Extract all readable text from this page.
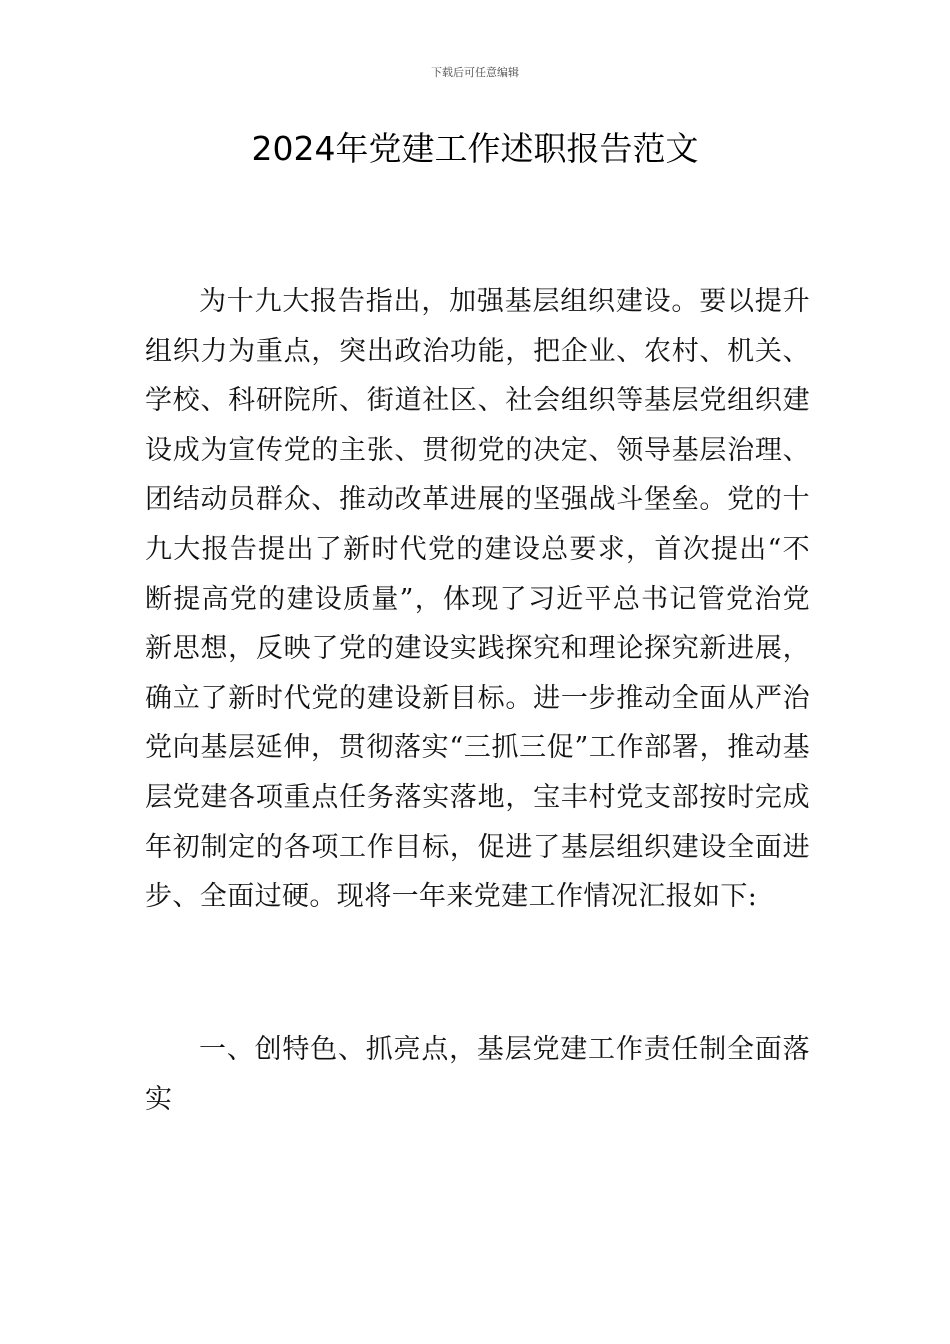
下载后可任意编辑
2024年党建工作述职报告范文

为十九大报告指出，加强基层组织建设。要以提升组织力为重点，突出政治功能，把企业、农村、机关、学校、科研院所、街道社区、社会组织等基层党组织建设成为宣传党的主张、贯彻党的决定、领导基层治理、团结动员群众、推动改革进展的坚强战斗堡垒。党的十九大报告提出了新时代党的建设总要求，首次提出“不断提高党的建设质量”，体现了习近平总书记管党治党新思想，反映了党的建设实践探究和理论探究新进展，确立了新时代党的建设新目标。进一步推动全面从严治党向基层延伸，贯彻落实“三抓三促”工作部署，推动基层党建各项重点任务落实落地，宝丰村党支部按时完成年初制定的各项工作目标，促进了基层组织建设全面进步、全面过硬。现将一年来党建工作情况汇报如下:

一、创特色、抓亮点，基层党建工作责任制全面落实
